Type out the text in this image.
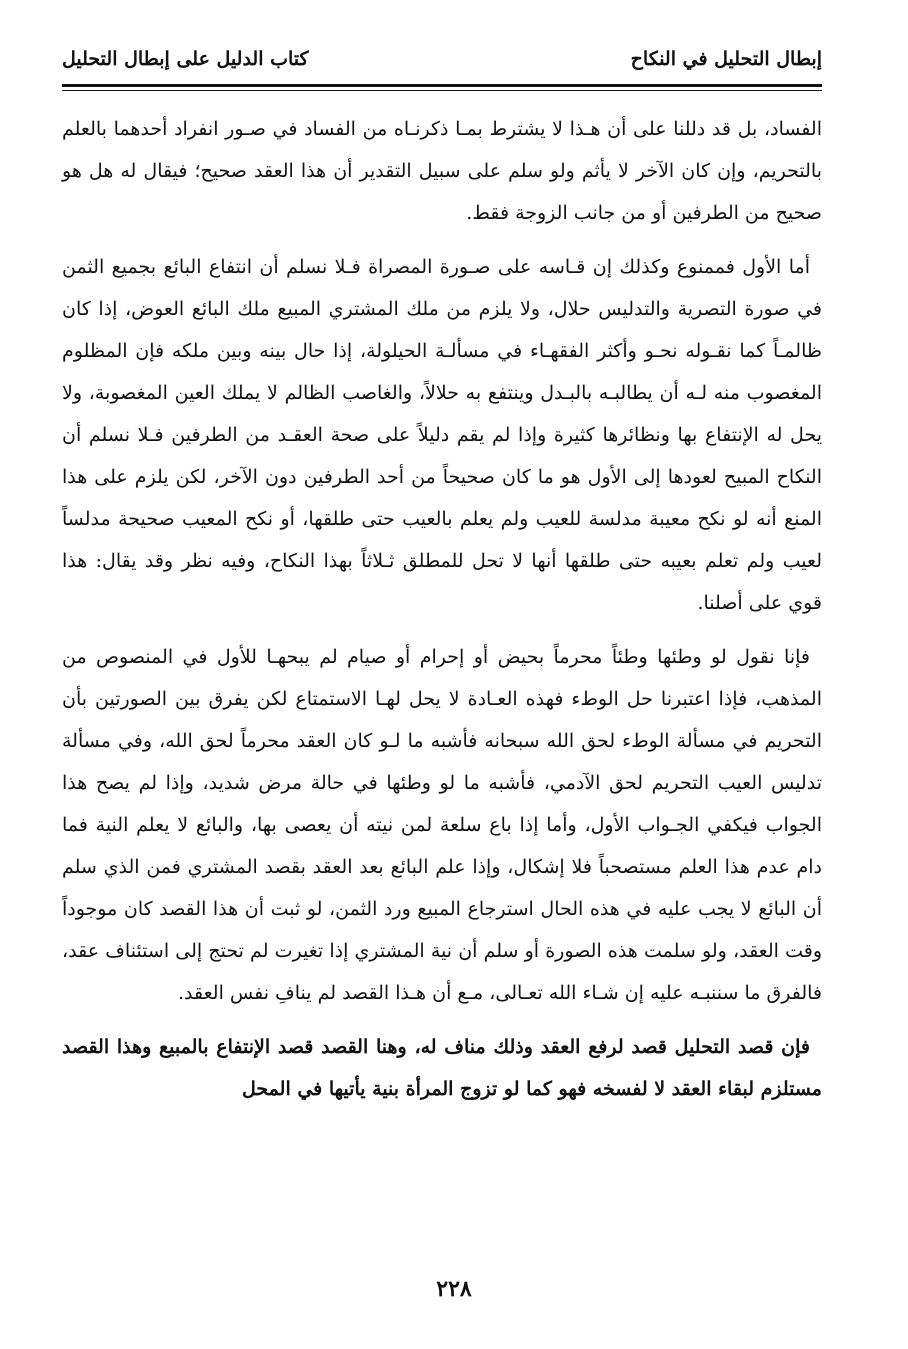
إبطال التحليل في النكاح
كتاب الدليل على إبطال التحليل

الفساد، بل قد دللنا على أن هـذا لا يشترط بمـا ذكرنـاه من الفساد في صـور انفراد أحدهما بالعلم بالتحريم، وإن كان الآخر لا يأثم ولو سلم على سبيل التقدير أن هذا العقد صحيح؛ فيقال له هل هو صحيح من الطرفين أو من جانب الزوجة فقط.

أما الأول فممنوع وكذلك إن قـاسه على صـورة المصراة فـلا نسلم أن انتفاع البائع بجميع الثمن في صورة التصرية والتدليس حلال، ولا يلزم من ملك المشتري المبيع ملك البائع العوض، إذا كان ظالمـاً كما نقـوله نحـو وأكثر الفقهـاء في مسألـة الحيلولة، إذا حال بينه وبين ملكه فإن المظلوم المغصوب منه لـه أن يطالبـه بالبـدل وينتفع به حلالاً، والغاصب الظالم لا يملك العين المغصوبة، ولا يحل له الإنتفاع بها ونظائرها كثيرة وإذا لم يقم دليلاً على صحة العقـد من الطرفين فـلا نسلم أن النكاح المبيح لعودها إلى الأول هو ما كان صحيحاً من أحد الطرفين دون الآخر، لكن يلزم على هذا المنع أنه لو نكح معيبة مدلسة للعيب ولم يعلم بالعيب حتى طلقها، أو نكح المعيب صحيحة مدلساً لعيب ولم تعلم بعيبه حتى طلقها أنها لا تحل للمطلق ثـلاثاً بهذا النكاح، وفيه نظر وقد يقال: هذا قوي على أصلنا.

فإنا نقول لو وطئها وطئاً محرماً بحيض أو إحرام أو صيام لم يبحهـا للأول في المنصوص من المذهب، فإذا اعتبرنا حل الوطء فهذه العـادة لا يحل لهـا الاستمتاع لكن يفرق بين الصورتين بأن التحريم في مسألة الوطء لحق الله سبحانه فأشبه ما لـو كان العقد محرماً لحق الله، وفي مسألة تدليس العيب التحريم لحق الآدمي، فأشبه ما لو وطئها في حالة مرض شديد، وإذا لم يصح هذا الجواب فيكفي الجـواب الأول، وأما إذا باع سلعة لمن نيته أن يعصى بها، والبائع لا يعلم النية فما دام عدم هذا العلم مستصحباً فلا إشكال، وإذا علم البائع بعد العقد بقصد المشتري فمن الذي سلم أن البائع لا يجب عليه في هذه الحال استرجاع المبيع ورد الثمن، لو ثبت أن هذا القصد كان موجوداً وقت العقد، ولو سلمت هذه الصورة أو سلم أن نية المشتري إذا تغيرت لم تحتج إلى استئناف عقد، فالفرق ما سننبـه عليه إن شـاء الله تعـالى، مـع أن هـذا القصد لم ينافِ نفس العقد.

فإن قصد التحليل قصد لرفع العقد وذلك مناف له، وهنا القصد قصد الإنتفاع بالمبيع وهذا القصد مستلزم لبقاء العقد لا لفسخه فهو كما لو تزوج المرأة بنية يأتيها في المحل

٢٢٨
